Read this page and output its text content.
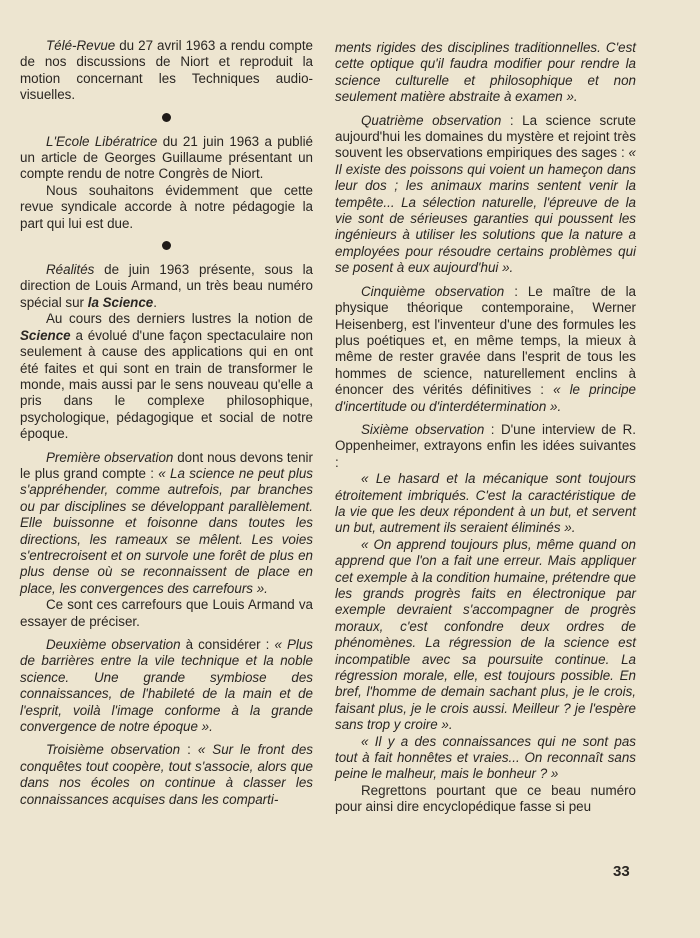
Télé-Revue du 27 avril 1963 a rendu compte de nos discussions de Niort et reproduit la motion concernant les Techniques audio-visuelles.

L'Ecole Libératrice du 21 juin 1963 a publié un article de Georges Guillaume présentant un compte rendu de notre Congrès de Niort.

Nous souhaitons évidemment que cette revue syndicale accorde à notre pédagogie la part qui lui est due.

Réalités de juin 1963 présente, sous la direction de Louis Armand, un très beau numéro spécial sur la Science.

Au cours des derniers lustres la notion de Science a évolué d'une façon spectaculaire non seulement à cause des applications qui en ont été faites et qui sont en train de transformer le monde, mais aussi par le sens nouveau qu'elle a pris dans le complexe philosophique, psychologique, pédagogique et social de notre époque.

Première observation dont nous devons tenir le plus grand compte : « La science ne peut plus s'appréhender, comme autrefois, par branches ou par disciplines se développant parallèlement. Elle buissonne et foisonne dans toutes les directions, les rameaux se mêlent. Les voies s'entrecroisent et on survole une forêt de plus en plus dense où se reconnaissent de place en place, les convergences des carrefours ».

Ce sont ces carrefours que Louis Armand va essayer de préciser.

Deuxième observation à considérer : « Plus de barrières entre la vile technique et la noble science. Une grande symbiose des connaissances, de l'habileté de la main et de l'esprit, voilà l'image conforme à la grande convergence de notre époque ».

Troisième observation : « Sur le front des conquêtes tout coopère, tout s'associe, alors que dans nos écoles on continue à classer les connaissances acquises dans les comparti-

ments rigides des disciplines traditionnelles. C'est cette optique qu'il faudra modifier pour rendre la science culturelle et philosophique et non seulement matière abstraite à examen ».

Quatrième observation : La science scrute aujourd'hui les domaines du mystère et rejoint très souvent les observations empiriques des sages : « Il existe des poissons qui voient un hameçon dans leur dos ; les animaux marins sentent venir la tempête... La sélection naturelle, l'épreuve de la vie sont de sérieuses garanties qui poussent les ingénieurs à utiliser les solutions que la nature a employées pour résoudre certains problèmes qui se posent à eux aujourd'hui ».

Cinquième observation : Le maître de la physique théorique contemporaine, Werner Heisenberg, est l'inventeur d'une des formules les plus poétiques et, en même temps, la mieux à même de rester gravée dans l'esprit de tous les hommes de science, naturellement enclins à énoncer des vérités définitives : « le principe d'incertitude ou d'interdétermination ».

Sixième observation : D'une interview de R. Oppenheimer, extrayons enfin les idées suivantes :

« Le hasard et la mécanique sont toujours étroitement imbriqués. C'est la caractéristique de la vie que les deux répondent à un but, et servent un but, autrement ils seraient éliminés ».

« On apprend toujours plus, même quand on apprend que l'on a fait une erreur. Mais appliquer cet exemple à la condition humaine, prétendre que les grands progrès faits en électronique par exemple devraient s'accompagner de progrès moraux, c'est confondre deux ordres de phénomènes. La régression de la science est incompatible avec sa poursuite continue. La régression morale, elle, est toujours possible. En bref, l'homme de demain sachant plus, je le crois, faisant plus, je le crois aussi. Meilleur ? je l'espère sans trop y croire ».

« Il y a des connaissances qui ne sont pas tout à fait honnêtes et vraies... On reconnaît sans peine le malheur, mais le bonheur ? »

Regrettons pourtant que ce beau numéro pour ainsi dire encyclopédique fasse si peu

33
